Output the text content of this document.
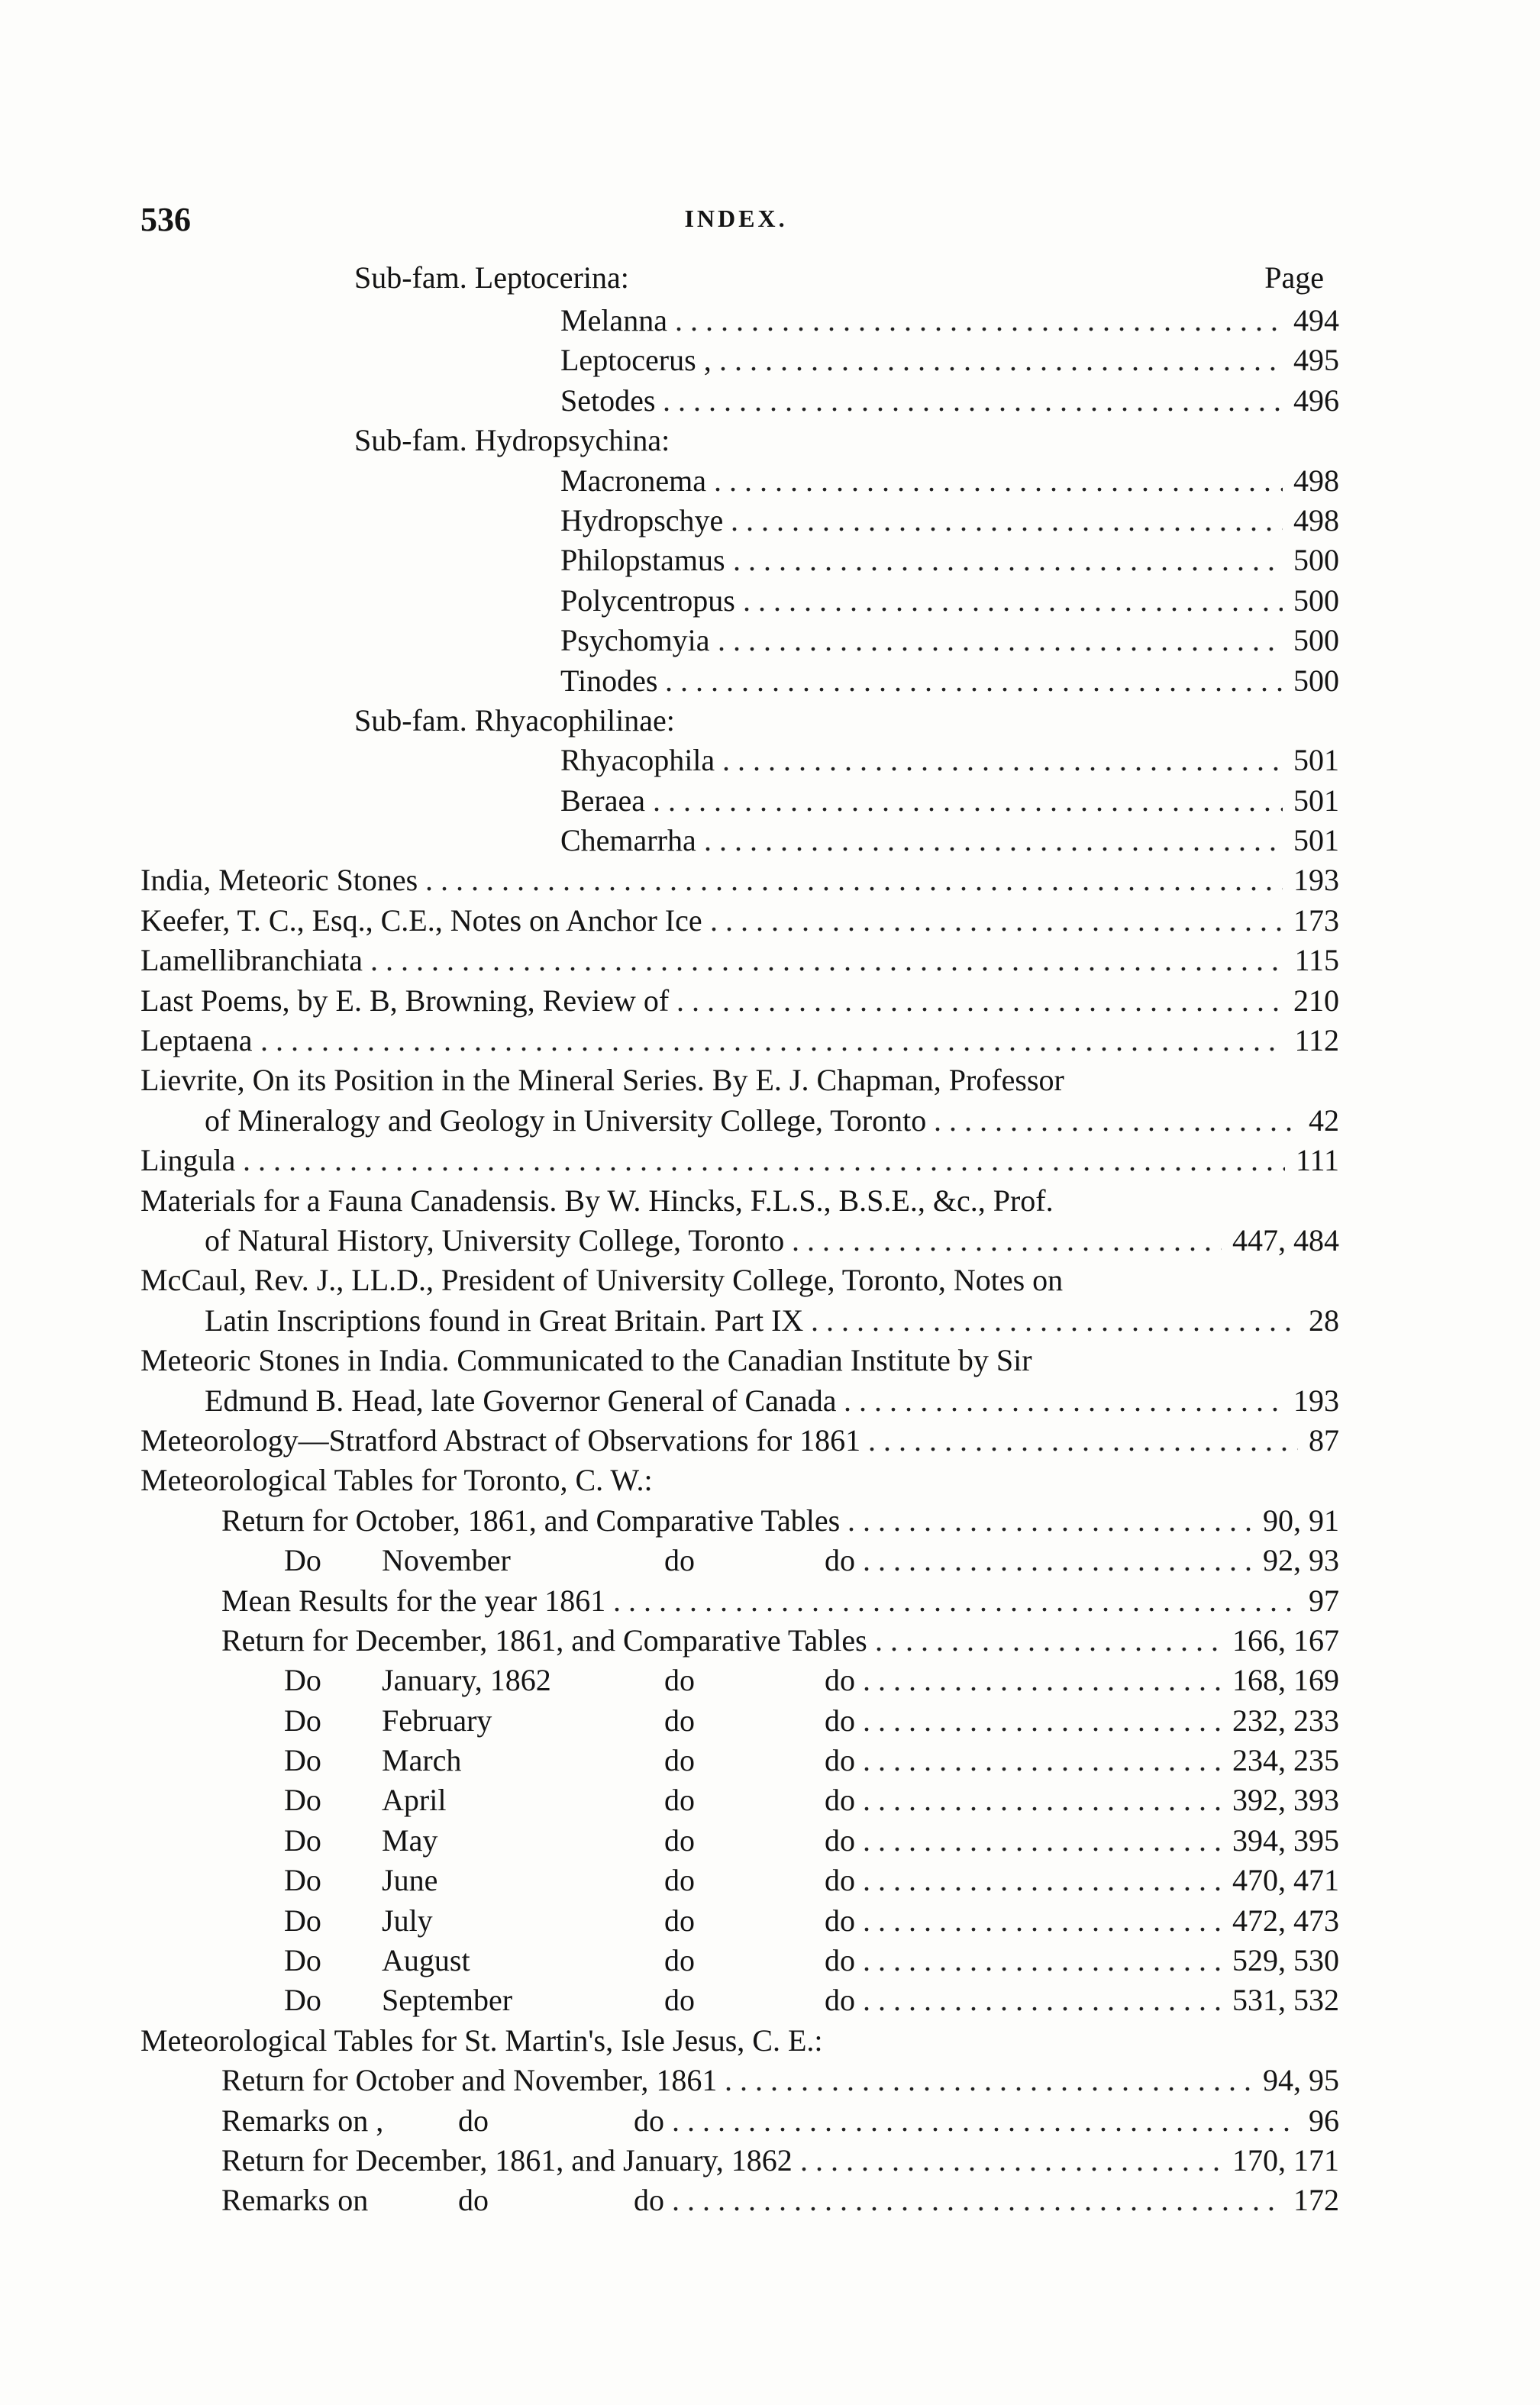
536	INDEX.
Sub-fam. Leptocerina:	Page
Melanna	494
. . .
Leptocerus ,	495
. . .
Setodes	496
. . .
Sub-fam. Hydropsychina:
Macronema	498
. . .
Hydropschye	498
. . .
Philopstamus	500
. . .
Polycentropus	500
. . .
Psychomyia	500
. . .
Tinodes	500
. . .
Sub-fam. Rhyacophilinae:
Rhyacophila	501
. . .
Beraea	501
. . .
Chemarrha	501
. . .
India, Meteoric Stones	193
. . .
Keefer, T. C., Esq., C.E., Notes on Anchor Ice	173
. . .
Lamellibranchiata	115
. . .
Last Poems, by E. B, Browning, Review of	210
. . .
Leptaena	112
. . .
Lievrite, On its Position in the Mineral Series. By E. J. Chapman, Professor
of Mineralogy and Geology in University College, Toronto	42
. . .
Lingula	111
. . .
Materials for a Fauna Canadensis. By W. Hincks, F.L.S., B.S.E., &c., Prof.
of Natural History, University College, Toronto	447, 484
. . .
McCaul, Rev. J., LL.D., President of University College, Toronto, Notes on
Latin Inscriptions found in Great Britain. Part IX	28
. . .
Meteoric Stones in India. Communicated to the Canadian Institute by Sir
Edmund B. Head, late Governor General of Canada	193
. . .
Meteorology—Stratford Abstract of Observations for 1861	87
. . .
Meteorological Tables for Toronto, C. W.:
Return for October, 1861, and Comparative Tables	90, 91
. . .
Do November	do	do	92, 93
. . .
Mean Results for the year 1861	97
. . .
Return for December, 1861, and Comparative Tables	166, 167
. . .
Do January, 1862	do	do	168, 169
. . .
Do February	do	do	232, 233
. . .
Do March	do	do	234, 235
. . .
Do April	do	do	392, 393
. . .
Do May	do	do	394, 395
. . .
Do June	do	do	470, 471
. . .
Do July	do	do	472, 473
. . .
Do August	do	do	529, 530
. . .
Do September	do	do	531, 532
. . .
Meteorological Tables for St. Martin's, Isle Jesus, C. E.:
Return for October and November, 1861	94, 95
. . .
Remarks on , do	do	96
. . .
Return for December, 1861, and January, 1862	170, 171
. . .
Remarks on	do	do	172
. . .
